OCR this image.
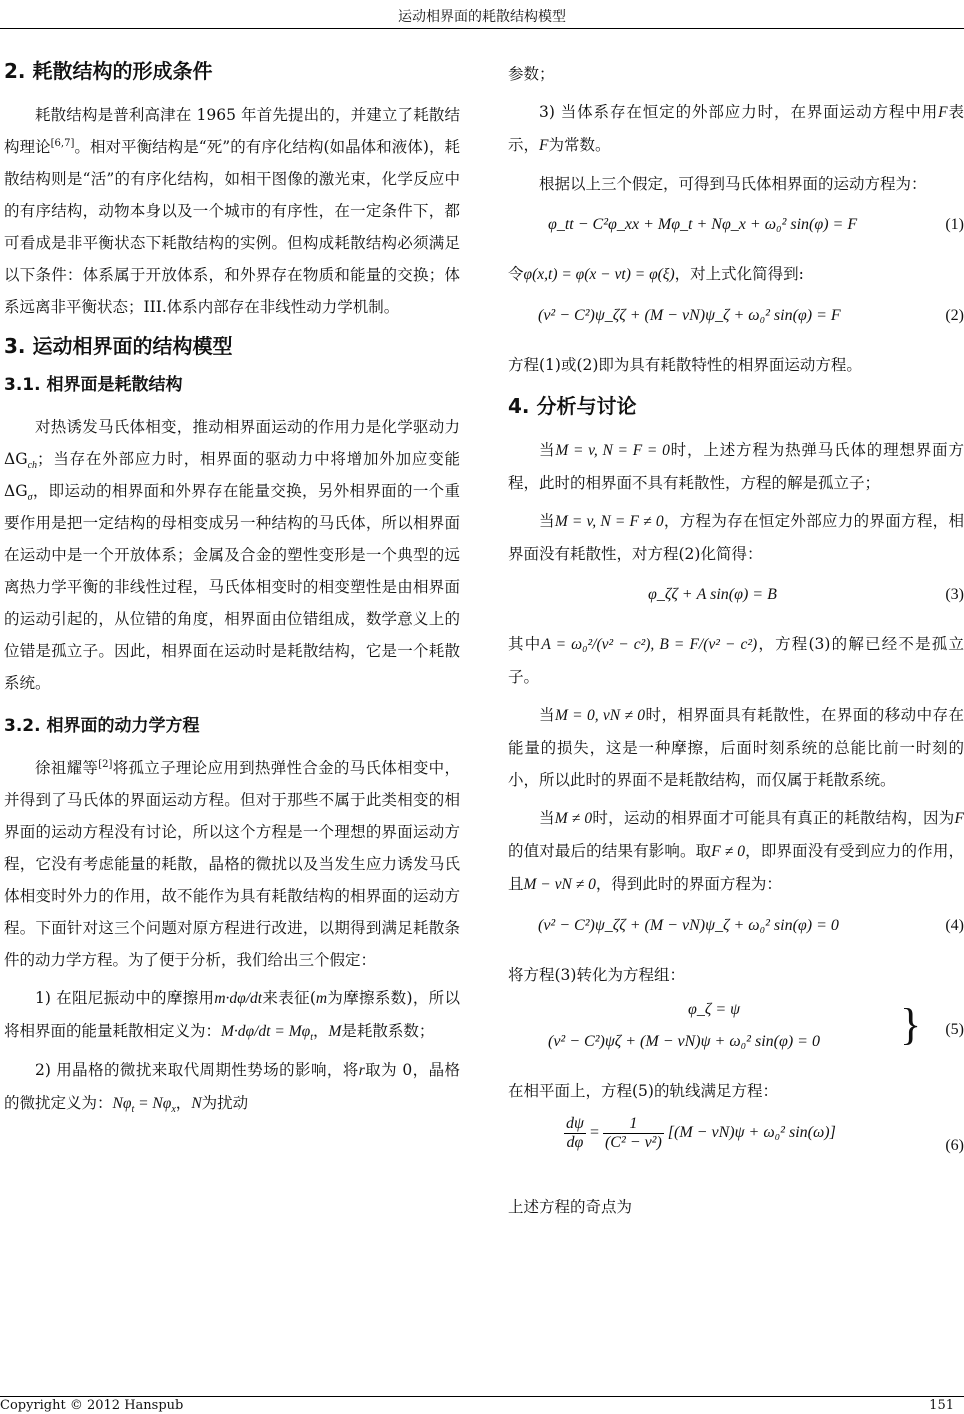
运动相界面的耗散结构模型
2. 耗散结构的形成条件

耗散结构是普利高津在 1965 年首先提出的，并建立了耗散结构理论[6,7]。相对平衡结构是“死”的有序化结构(如晶体和液体)，耗散结构则是“活”的有序化结构，如相干图像的激光束，化学反应中的有序结构，动物本身以及一个城市的有序性，在一定条件下，都可看成是非平衡状态下耗散结构的实例。但构成耗散结构必须满足以下条件：体系属于开放体系，和外界存在物质和能量的交换；体系远离非平衡状态；III.体系内部存在非线性动力学机制。

3. 运动相界面的结构模型
3.1. 相界面是耗散结构

对热诱发马氏体相变，推动相界面运动的作用力是化学驱动力$\Delta G_{ch}$；当存在外部应力时，相界面的驱动力中将增加外加应变能$\Delta G_\sigma$，即运动的相界面和外界存在能量交换，另外相界面的一个重要作用是把一定结构的母相变成另一种结构的马氏体，所以相界面在运动中是一个开放体系；金属及合金的塑性变形是一个典型的远离热力学平衡的非线性过程，马氏体相变时的相变塑性是由相界面的运动引起的，从位错的角度，相界面由位错组成，数学意义上的位错是孤立子。因此，相界面在运动时是耗散结构，它是一个耗散系统。

3.2. 相界面的动力学方程

徐祖耀等[2]将孤立子理论应用到热弹性合金的马氏体相变中，并得到了马氏体的界面运动方程。但对于那些不属于此类相变的相界面的运动方程没有讨论，所以这个方程是一个理想的界面运动方程，它没有考虑能量的耗散，晶格的微扰以及当发生应力诱发马氏体相变时外力的作用，故不能作为具有耗散结构的相界面的运动方程。下面针对这三个问题对原方程进行改进，以期得到满足耗散条件的动力学方程。为了便于分析，我们给出三个假定：

1) 在阻尼振动中的摩擦用m·dφ/dt来表征(m为摩擦系数)，所以将相界面的能量耗散相定义为：$M\cdot d\varphi/dt = M\varphi_t$，M是耗散系数；

2) 用晶格的微扰来取代周期性势场的影响，将r取为 0，晶格的微扰定义为：$N\varphi_t = N\varphi_x$，N为扰动

参数；

3) 当体系存在恒定的外部应力时，在界面运动方程中用F表示，F为常数。

根据以上三个假定，可得到马氏体相界面的运动方程为：

φ_tt − C²φ_xx + Mφ_t + Nφ_x + ω₀² sin(φ) = F	(1)

令φ(x,t) = φ(x − vt) = φ(ξ)，对上式化简得到:

(v² − C²)ψ_ζζ + (M − νN)ψ_ζ + ω₀² sin(φ) = F	(2)

方程(1)或(2)即为具有耗散特性的相界面运动方程。

4. 分析与讨论

当M = v, N = F = 0时，上述方程为热弹马氏体的理想界面方程，此时的相界面不具有耗散性，方程的解是孤立子；

当M = v, N = F ≠ 0，方程为存在恒定外部应力的界面方程，相界面没有耗散性，对方程(2)化简得：

φ_ζζ + A sin(φ) = B	(3)

其中A = ω₀²/(v² − c²), B = F/(v² − c²)，方程(3)的解已经不是孤立子。

当M = 0, vN ≠ 0时，相界面具有耗散性，在界面的移动中存在能量的损失，这是一种摩擦，后面时刻系统的总能比前一时刻的小，所以此时的界面不是耗散结构，而仅属于耗散系统。

当M ≠ 0时，运动的相界面才可能具有真正的耗散结构，因为F的值对最后的结果有影响。取F ≠ 0，即界面没有受到应力的作用，且M − vN ≠ 0，得到此时的界面方程为：

(v² − C²)ψ_ζζ + (M − νN)ψ_ζ + ω₀² sin(φ) = 0	(4)

将方程(3)转化为方程组：

φ_ζ = ψ
(v² − C²)ψζ + (M − νN)ψ + ω₀² sin(φ) = 0 } (5)

在相平面上，方程(5)的轨线满足方程：

$\frac{d\psi}{d\varphi} = \frac{1}{\text{(C² − v²)}} [(M - vN)\psi + \omega_0^2$ sin(ω)]
(6)

上述方程的奇点为

Copyright © 2012 Hanspub	151
